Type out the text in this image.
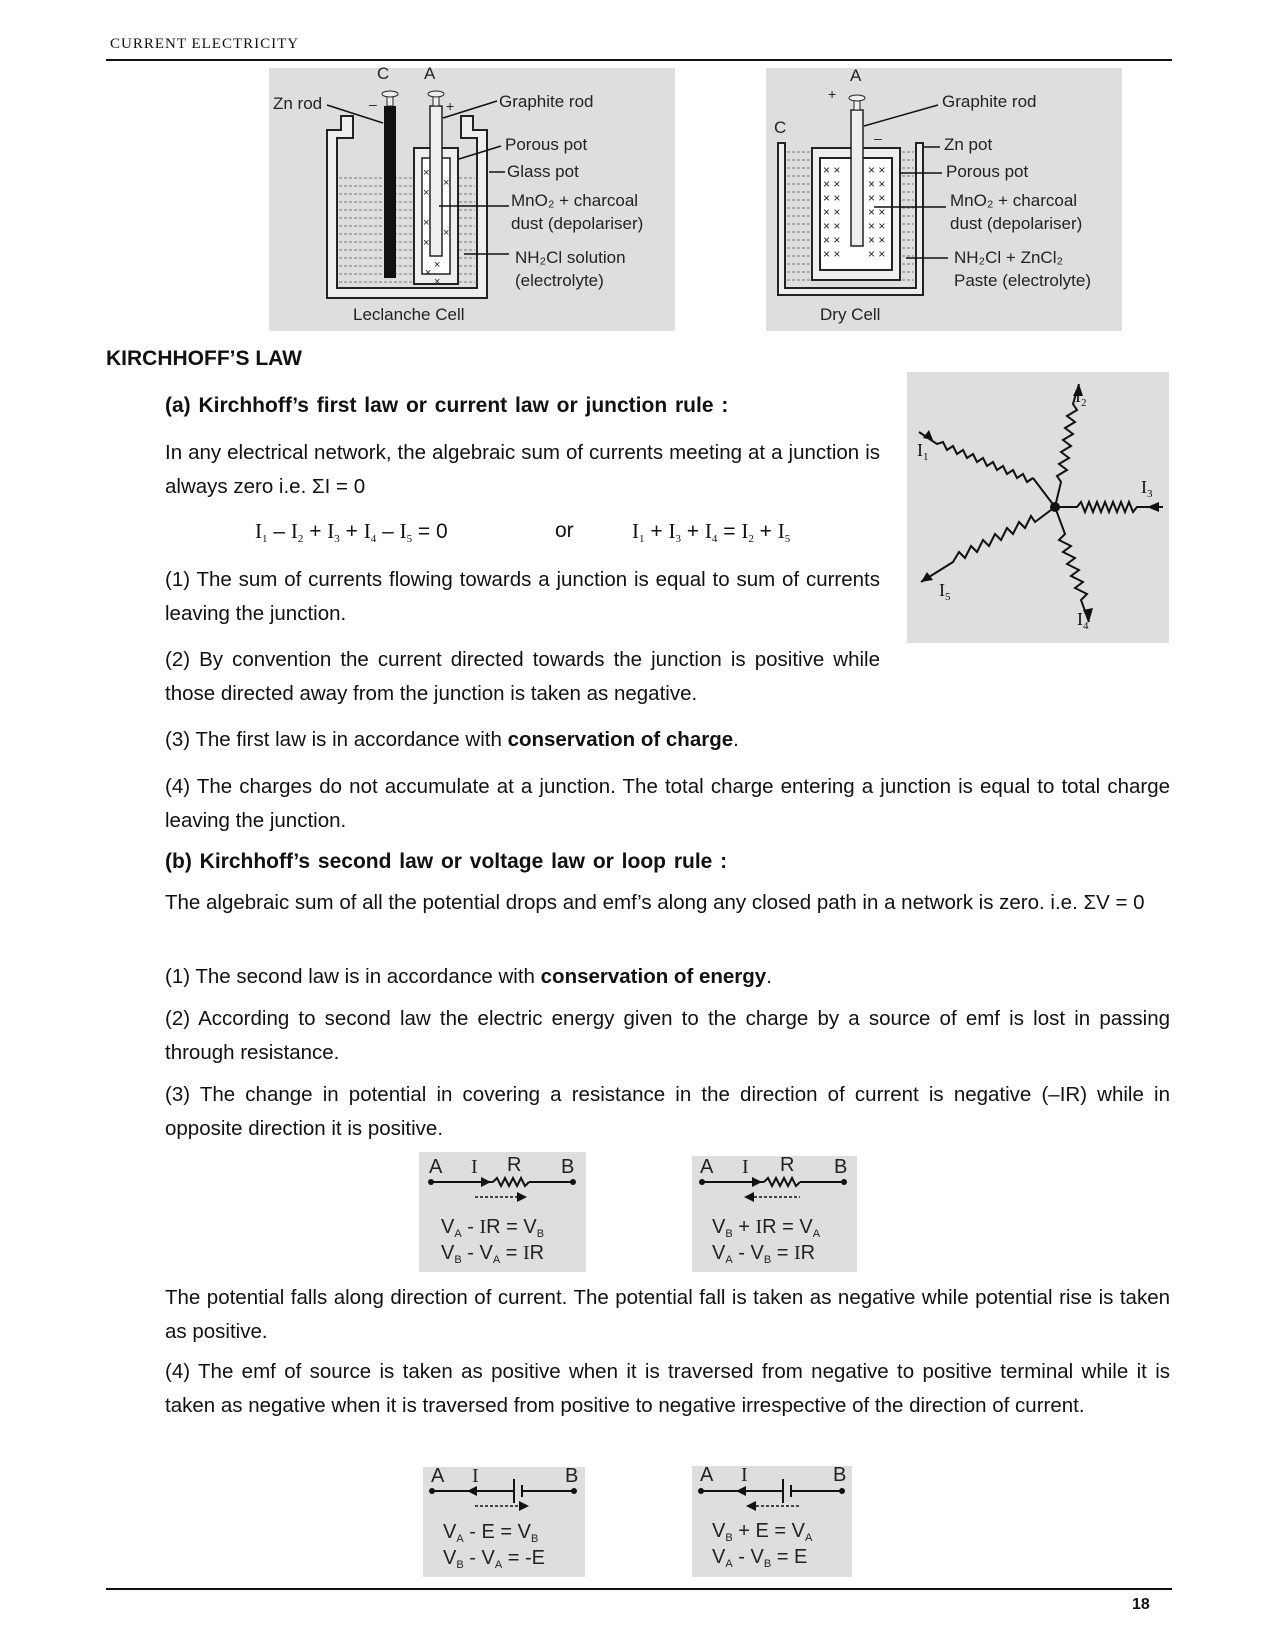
CURRENT ELECTRICITY
×
×
×
×
×
×
×
×
×
C A
–	+
Zn rod	Graphite rod
Porous pot
Glass pot
MnO₂ + charcoal
dust (depolariser)
NH₂Cl solution
(electrolyte)
Leclanche Cell
× × × ×
× × × ×
× × × ×
× × × ×
× × × ×
× × × ×
× × × ×
A
+
C
–
Graphite rod
Zn pot
Porous pot
MnO₂ + charcoal
dust (depolariser)
NH₂Cl + ZnCl₂
Paste (electrolyte)
Dry Cell
KIRCHHOFF’S LAW
(a) Kirchhoff’s first law or current law or junction rule :
$I_1$
$I_2$
$I_3$
$I_4$
$I_5$
In any electrical network, the algebraic sum of currents meeting at a junction is always zero i.e. ΣI = 0
$I_1 - I_2 + I_3 + I_4 - I_5 = 0$	or	$I_1 + I_3 + I_4 = I_2 + I_5$
(1) The sum of currents flowing towards a junction is equal to sum of currents leaving the junction.
(2) By convention the current directed towards the junction is positive while those directed away from the junction is taken as negative.
(3) The first law is in accordance with conservation of charge.
(4) The charges do not accumulate at a junction. The total charge entering a junction is equal to total charge leaving the junction.
(b) Kirchhoff’s second law or voltage law or loop rule :
The algebraic sum of all the potential drops and emf’s along any closed path in a network is zero. i.e. ΣV = 0
(1) The second law is in accordance with conservation of energy.
(2) According to second law the electric energy given to the charge by a source of emf is lost in passing through resistance.
(3) The change in potential in covering a resistance in the direction of current is negative (–IR) while in opposite direction it is positive.
A I R B
$V_A$ - IR = $V_B$
$V_B - V_A$ = IR
A I R B
$V_B$ + IR = $V_A$
$V_A - V_B$ = IR
The potential falls along direction of current. The potential fall is taken as negative while potential rise is taken as positive.
(4) The emf of source is taken as positive when it is traversed from negative to positive terminal while it is taken as negative when it is traversed from positive to negative irrespective of the direction of current.
A I	B
$V_A - E = V_B$
$V_B - V_A = -E$
A I	B
$V_B + E = V_A$
$V_A - V_B = E$
18
